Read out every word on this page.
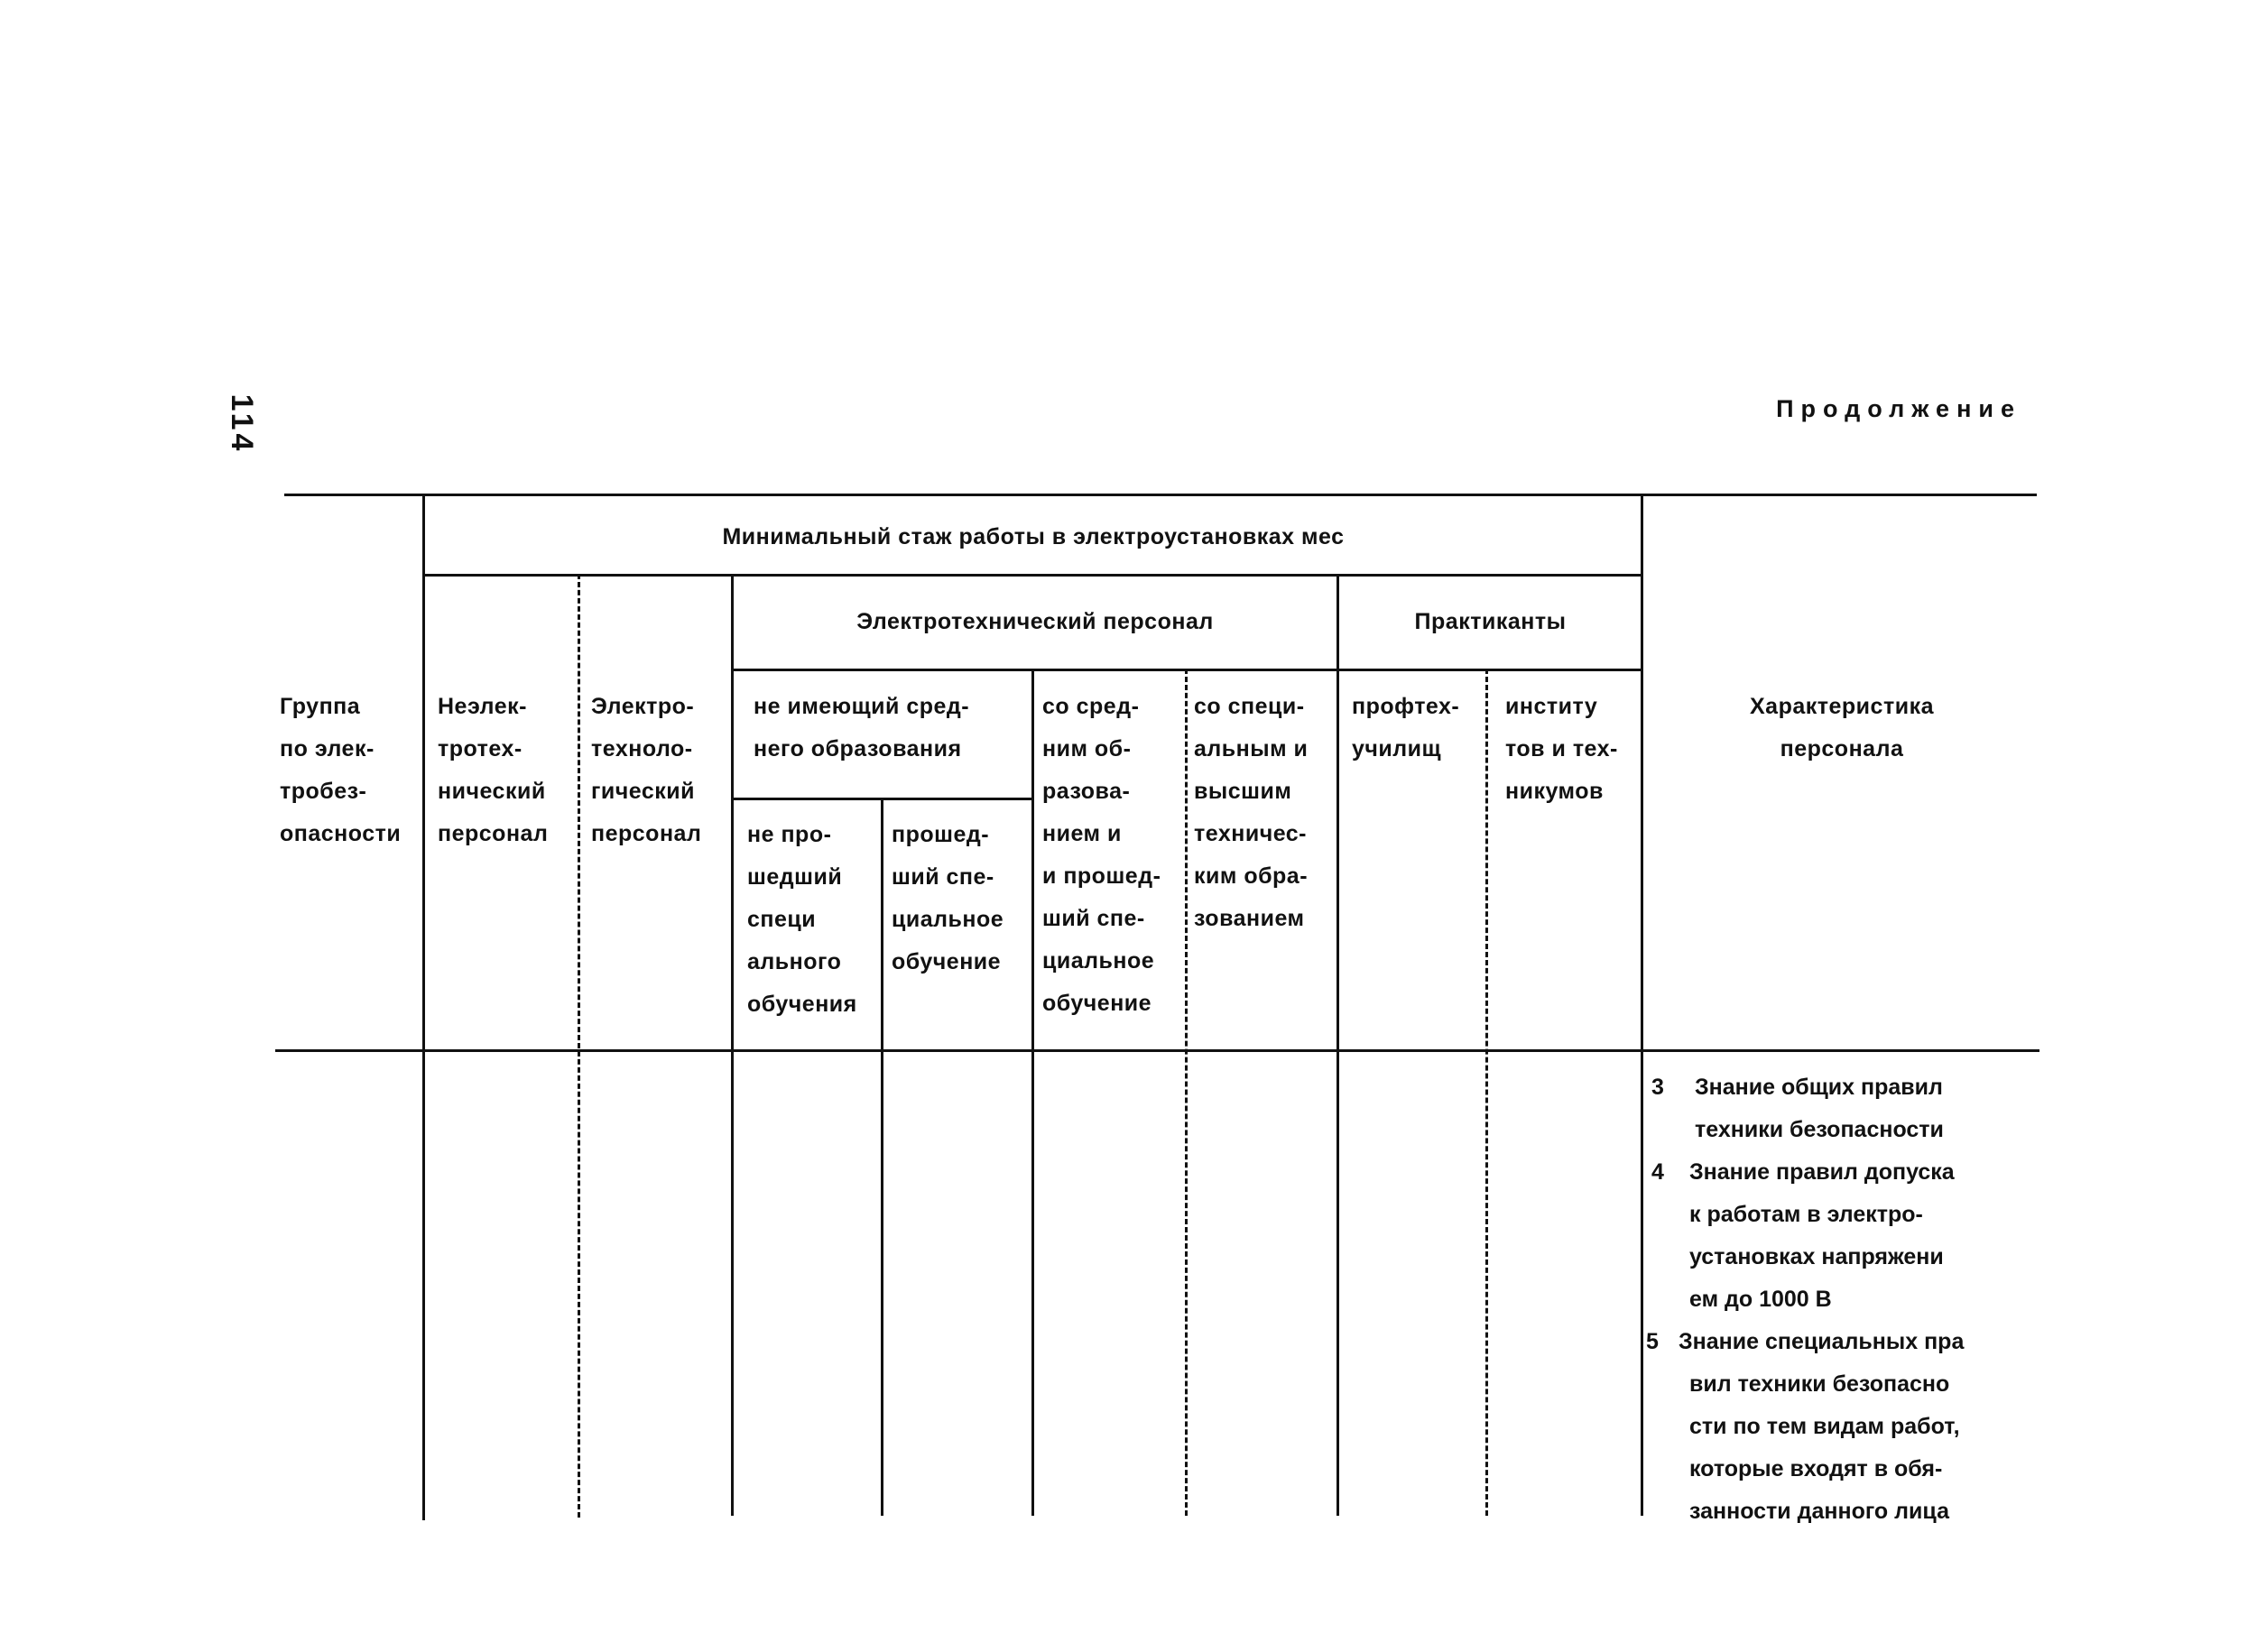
114	Продолжение
Группа
по элек-
тробез-
опасности
Минимальный стаж работы в электроустановках мес
Неэлек-
тротех-
нический
персонал
Электро-
техноло-
гический
персонал
Электротехнический персонал
не имеющий сред-
него образования
не про-
шедший
специ
ального
обучения
прошед-
ший спе-
циальное
обучение
со сред-
ним об-
разова-
нием и
и прошед-
ший спе-
циальное
обучение
со специ-
альным и
высшим
техничес-
ким обра-
зованием
Практиканты
профтех-
училищ
институ
тов и тех-
никумов
Характеристика
персонала
3 Знание общих правил
техники безопасности
4 Знание правил допуска
к работам в электро-
установках напряжени
ем до 1000 В
5 Знание специальных пра
вил техники безопасно
сти по тем видам работ,
которые входят в обя-
занности данного лица
